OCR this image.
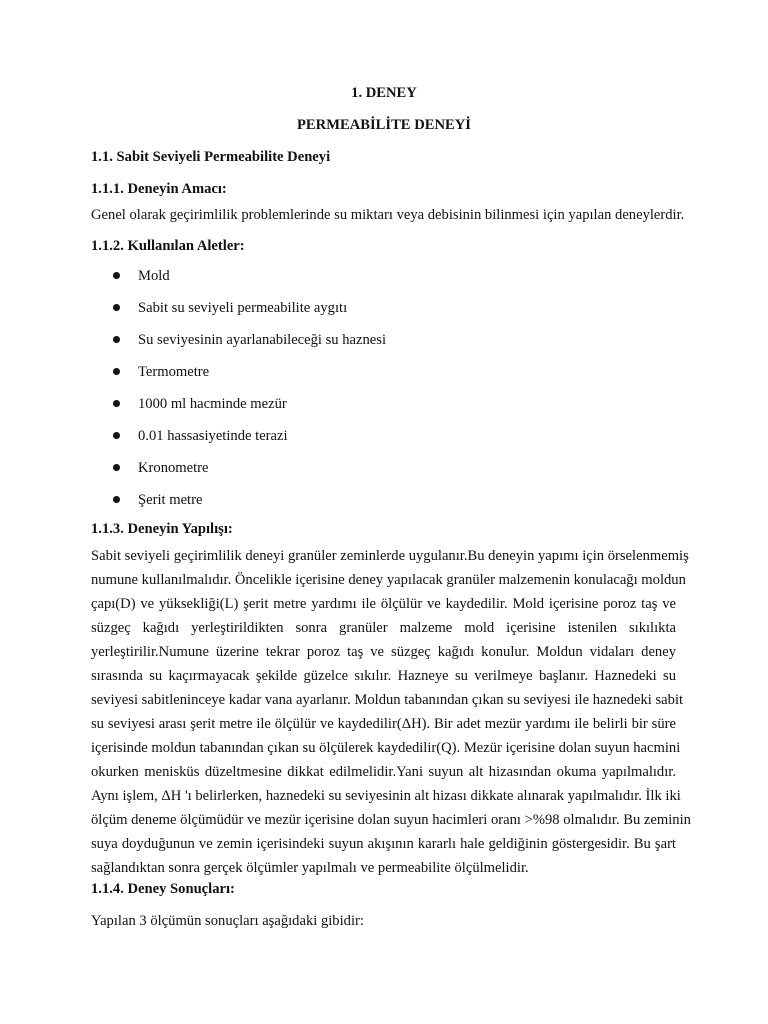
1. DENEY
PERMEABİLİTE DENEYİ
1.1. Sabit Seviyeli Permeabilite Deneyi
1.1.1. Deneyin Amacı:
Genel olarak geçirimlilik problemlerinde su miktarı veya debisinin bilinmesi için yapılan deneylerdir.
1.1.2. Kullanılan Aletler:
Mold
Sabit su seviyeli permeabilite aygıtı
Su seviyesinin ayarlanabileceği su haznesi
Termometre
1000 ml hacminde mezür
0.01 hassasiyetinde terazi
Kronometre
Şerit metre
1.1.3. Deneyin Yapılışı:
Sabit seviyeli geçirimlilik deneyi granüler zeminlerde uygulanır.Bu deneyin yapımı için örselenmemiş
numune kullanılmalıdır. Öncelikle içerisine deney yapılacak granüler malzemenin konulacağı moldun
çapı(D) ve yüksekliği(L) şerit metre yardımı ile ölçülür ve kaydedilir. Mold içerisine poroz taş ve
süzgeç kağıdı yerleştirildikten sonra granüler malzeme mold içerisine istenilen sıkılıkta
yerleştirilir.Numune üzerine tekrar poroz taş ve süzgeç kağıdı konulur. Moldun vidaları deney
sırasında su kaçırmayacak şekilde güzelce sıkılır. Hazneye su verilmeye başlanır. Haznedeki su
seviyesi sabitleninceye kadar vana ayarlanır. Moldun tabanından çıkan su seviyesi ile haznedeki sabit
su seviyesi arası şerit metre ile ölçülür ve kaydedilir(ΔH). Bir adet mezür yardımı ile belirli bir süre
içerisinde moldun tabanından çıkan su ölçülerek kaydedilir(Q). Mezür içerisine dolan suyun hacmini
okurken menisküs düzeltmesine dikkat edilmelidir.Yani suyun alt hizasından okuma yapılmalıdır.
Aynı işlem, ΔH 'ı belirlerken, haznedeki su seviyesinin alt hizası dikkate alınarak yapılmalıdır. İlk iki
ölçüm deneme ölçümüdür ve mezür içerisine dolan suyun hacimleri oranı >%98 olmalıdır. Bu zeminin
suya doyduğunun ve zemin içerisindeki suyun akışının kararlı hale geldiğinin göstergesidir. Bu şart
sağlandıktan sonra gerçek ölçümler yapılmalı ve permeabilite ölçülmelidir.
1.1.4. Deney Sonuçları:
Yapılan 3 ölçümün sonuçları aşağıdaki gibidir:
